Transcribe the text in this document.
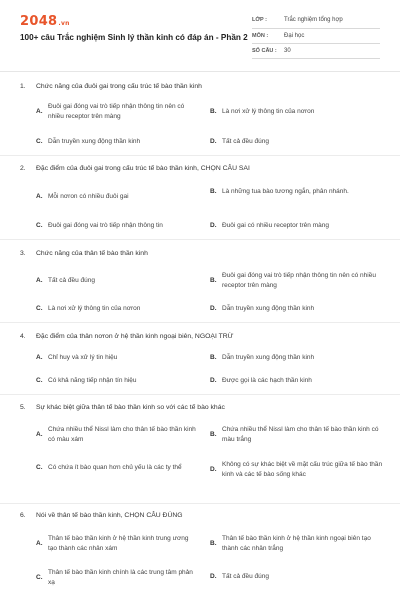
2048.vn
100+ câu Trắc nghiệm Sinh lý thần kinh có đáp án - Phần 2
LỚP :	Trắc nghiệm tổng hợp
MÔN :	Đại học
SỐ CÂU :	30
1.	Chức năng của đuôi gai trong cấu trúc tế bào thần kinh
A.
Đuôi gai đóng vai trò tiếp nhận thông tin nên có nhiều receptor trên màng
B. Là nơi xử lý thông tin của nơron
C. Dẫn truyền xung động thần kinh	D. Tất cả đều đúng
2.	Đặc điểm của đuôi gai trong cấu trúc tế bào thần kinh, CHỌN CÂU SAI
A. Mỗi nơron có nhiều đuôi gai
B. Là những tua bào tương ngắn, phân nhánh.
C. Đuôi gai đóng vai trò tiếp nhận thông tin	D. Đuôi gai có nhiều receptor trên màng
3.	Chức năng của thân tế bào thần kinh
A. Tất cả đều đúng	B.
Đuôi gai đóng vai trò tiếp nhận thông tin nên có nhiều receptor trên màng
C. Là nơi xử lý thông tin của nơron	D. Dẫn truyền xung động thần kinh
4.	Đặc điểm của thân nơron ở hệ thần kinh ngoại biên, NGOẠI TRỪ
A. Chỉ huy và xử lý tin hiệu	B. Dẫn truyền xung động thần kinh
C. Có khả năng tiếp nhận tín hiệu	D. Được gọi là các hạch thần kinh
5.	Sự khác biệt giữa thân tế bào thần kinh so với các tế bào khác
A.
Chứa nhiều thể Nissl làm cho thân tế bào thần kinh có màu xám
B.
Chứa nhiều thể Nissl làm cho thân tế bào thần kinh có màu trắng
C. Có chứa ít bào quan hơn chủ yếu là các ty thể	D.
Không có sự khác biệt về mặt cấu trúc giữa tế bào thần kinh và các tế bào sống khác
6.	Nói về thân tế bào thần kinh, CHỌN CÂU ĐÚNG
A.
Thân tế bào thần kinh ở hệ thần kinh trung ương tạo thành các nhân xám
B.
Thân tế bào thần kinh ở hệ thần kinh ngoại biên tạo thành các nhân trắng
C.
Thân tế bào thần kinh chính là các trung tâm phản xạ
D. Tất cả đều đúng
